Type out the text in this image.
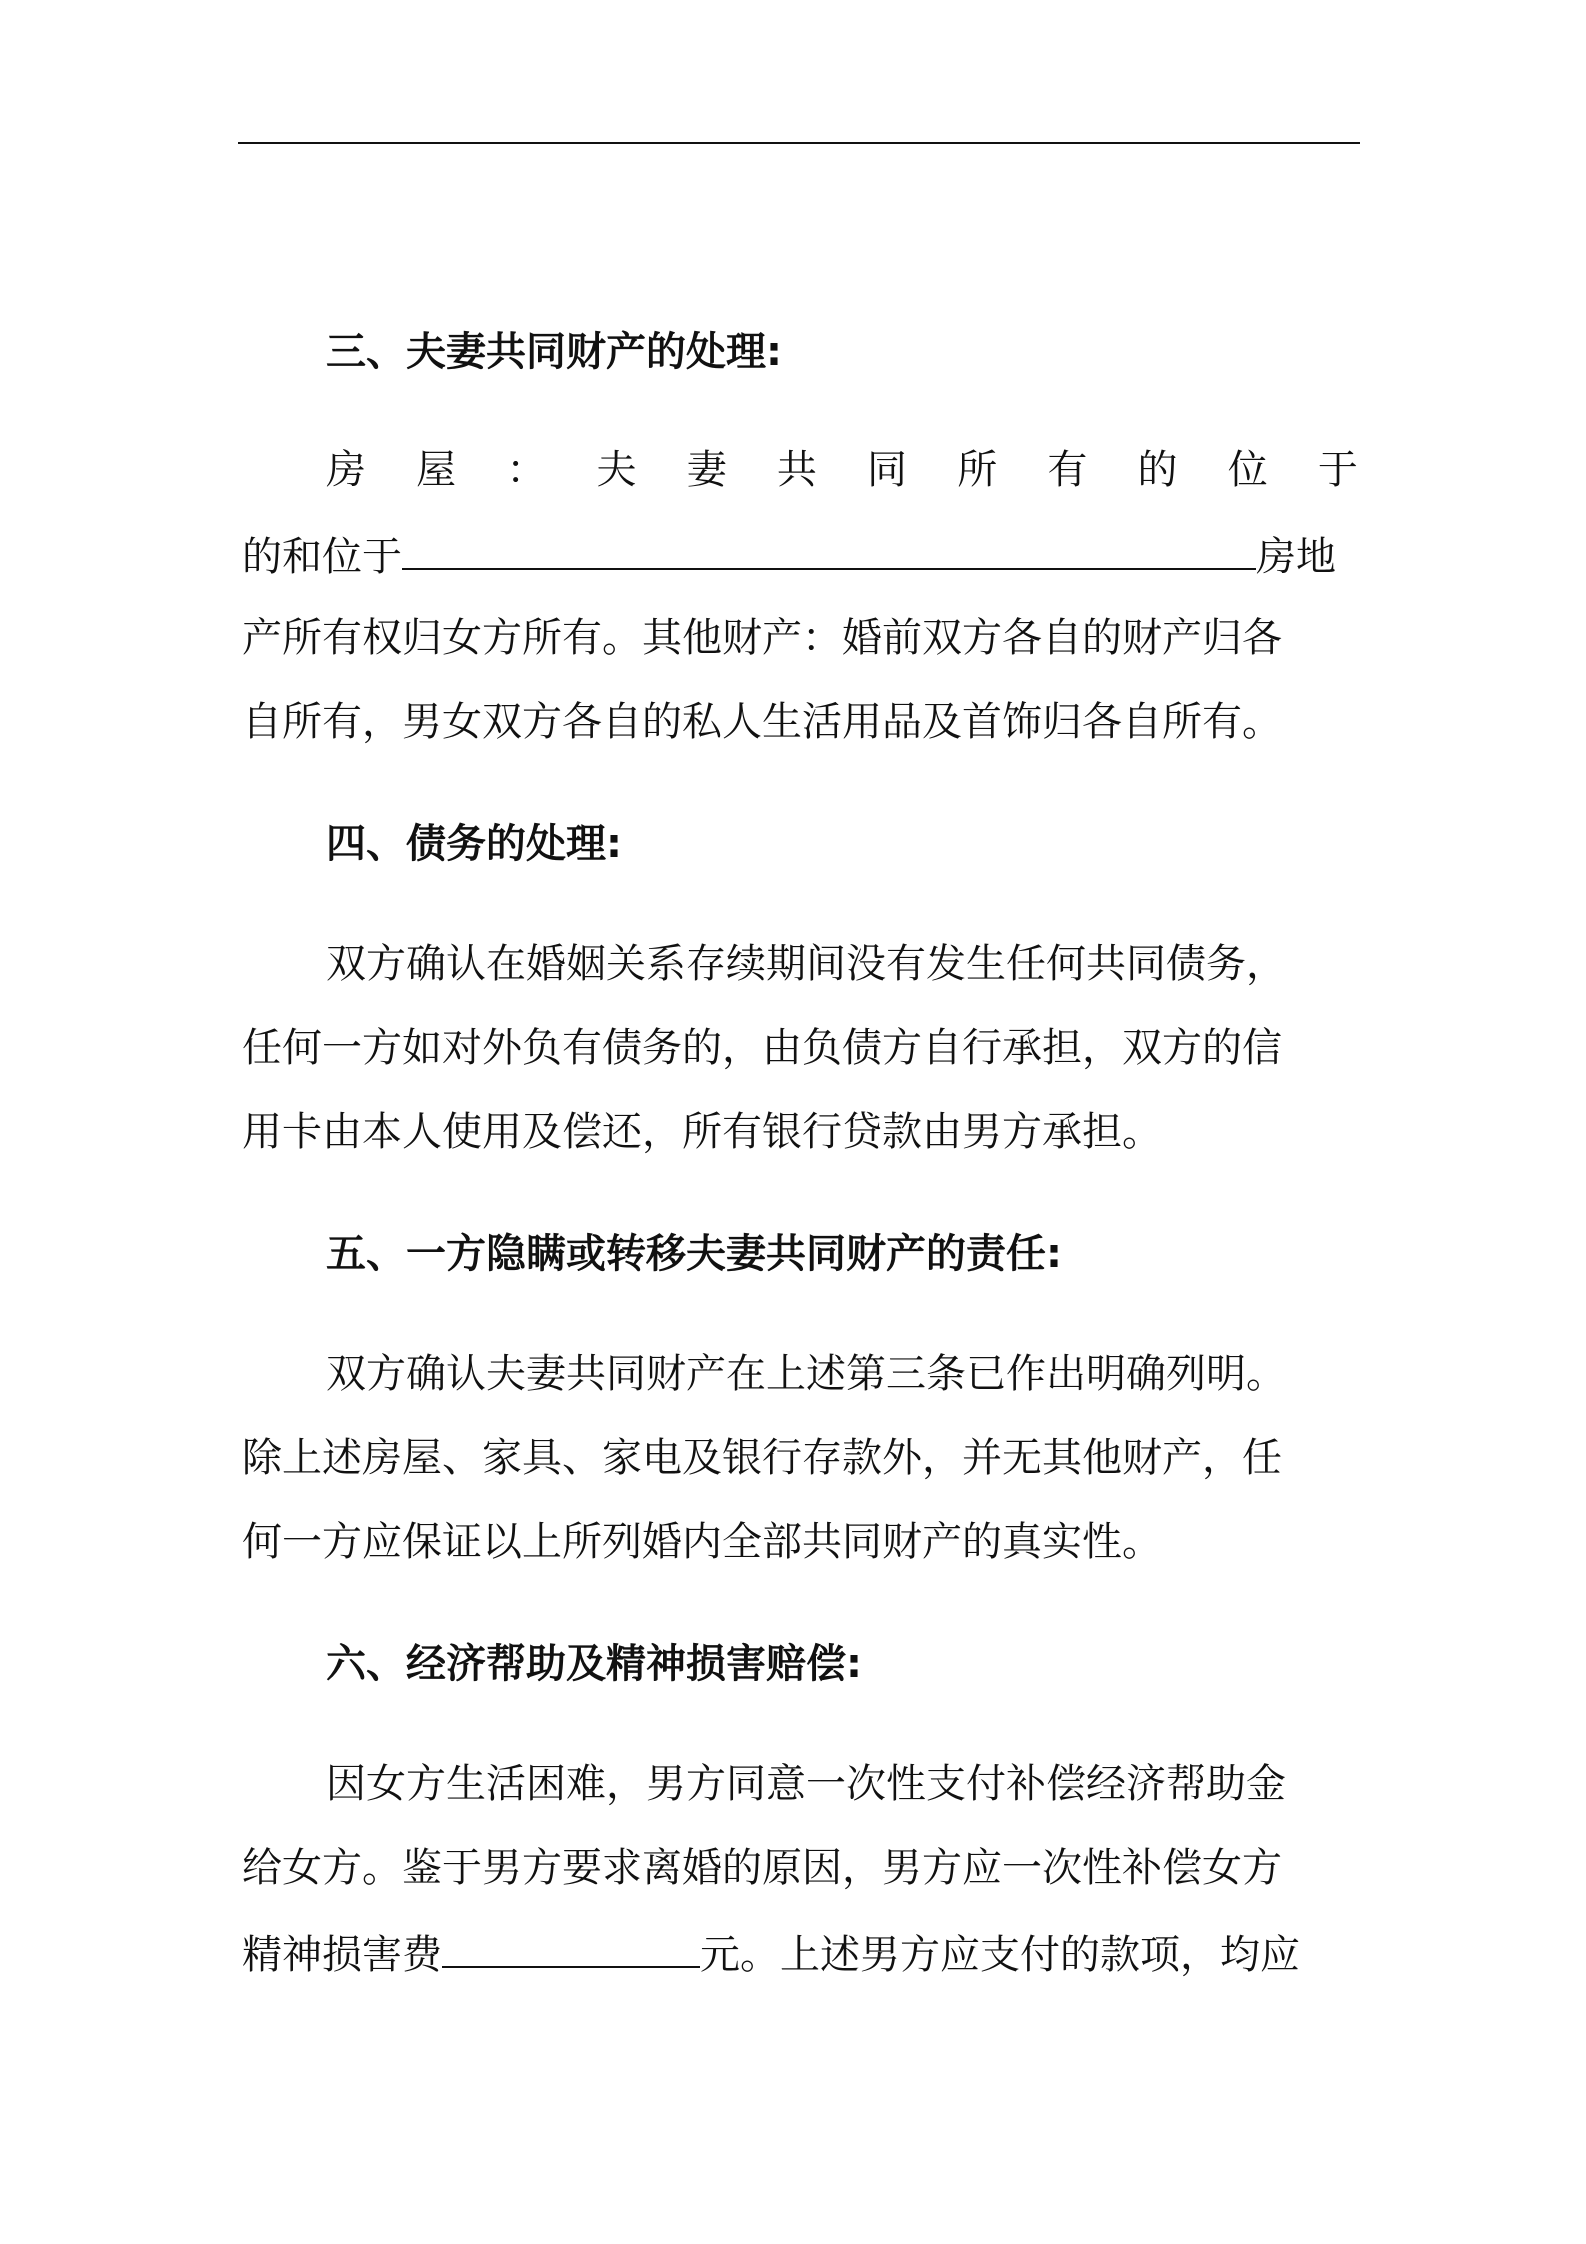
三、夫妻共同财产的处理:
房 屋 ： 夫 妻 共 同 所 有 的 位 于
的和位于	房地
产所有权归女方所有。其他财产：婚前双方各自的财产归各
自所有，男女双方各自的私人生活用品及首饰归各自所有。
四、债务的处理:
双方确认在婚姻关系存续期间没有发生任何共同债务，
任何一方如对外负有债务的，由负债方自行承担，双方的信
用卡由本人使用及偿还，所有银行贷款由男方承担。
五、一方隐瞒或转移夫妻共同财产的责任:
双方确认夫妻共同财产在上述第三条已作出明确列明。
除上述房屋、家具、家电及银行存款外，并无其他财产，任
何一方应保证以上所列婚内全部共同财产的真实性。
六、经济帮助及精神损害赔偿:
因女方生活困难，男方同意一次性支付补偿经济帮助金
给女方。鉴于男方要求离婚的原因，男方应一次性补偿女方
精神损害费	元。上述男方应支付的款项，均应
